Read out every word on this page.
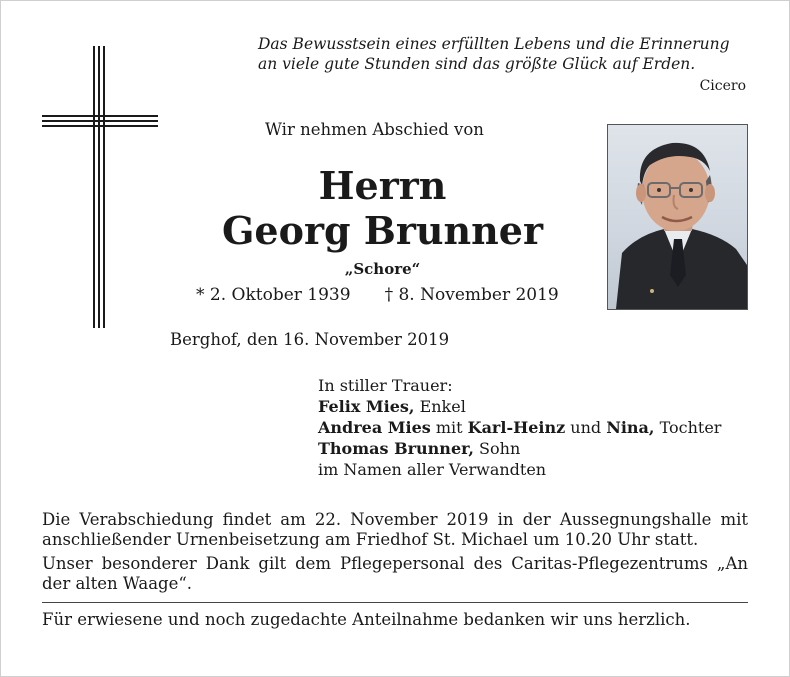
Das Bewusstsein eines erfüllten Lebens und die Erinnerung
an viele gute Stunden sind das größte Glück auf Erden.
Cicero
Wir nehmen Abschied von
Herrn
Georg Brunner
„Schore“
* 2. Oktober 1939 † 8. November 2019
Berghof, den 16. November 2019
In stiller Trauer:
Felix Mies, Enkel
Andrea Mies mit Karl-Heinz und Nina, Tochter
Thomas Brunner, Sohn
im Namen aller Verwandten
Die Verabschiedung findet am 22. November 2019 in der Aussegnungshalle mit anschließender Urnenbeisetzung am Friedhof St. Michael um 10.20 Uhr statt.
Unser besonderer Dank gilt dem Pflegepersonal des Caritas-Pflegezentrums „An der alten Waage“.
Für erwiesene und noch zugedachte Anteilnahme bedanken wir uns herzlich.
